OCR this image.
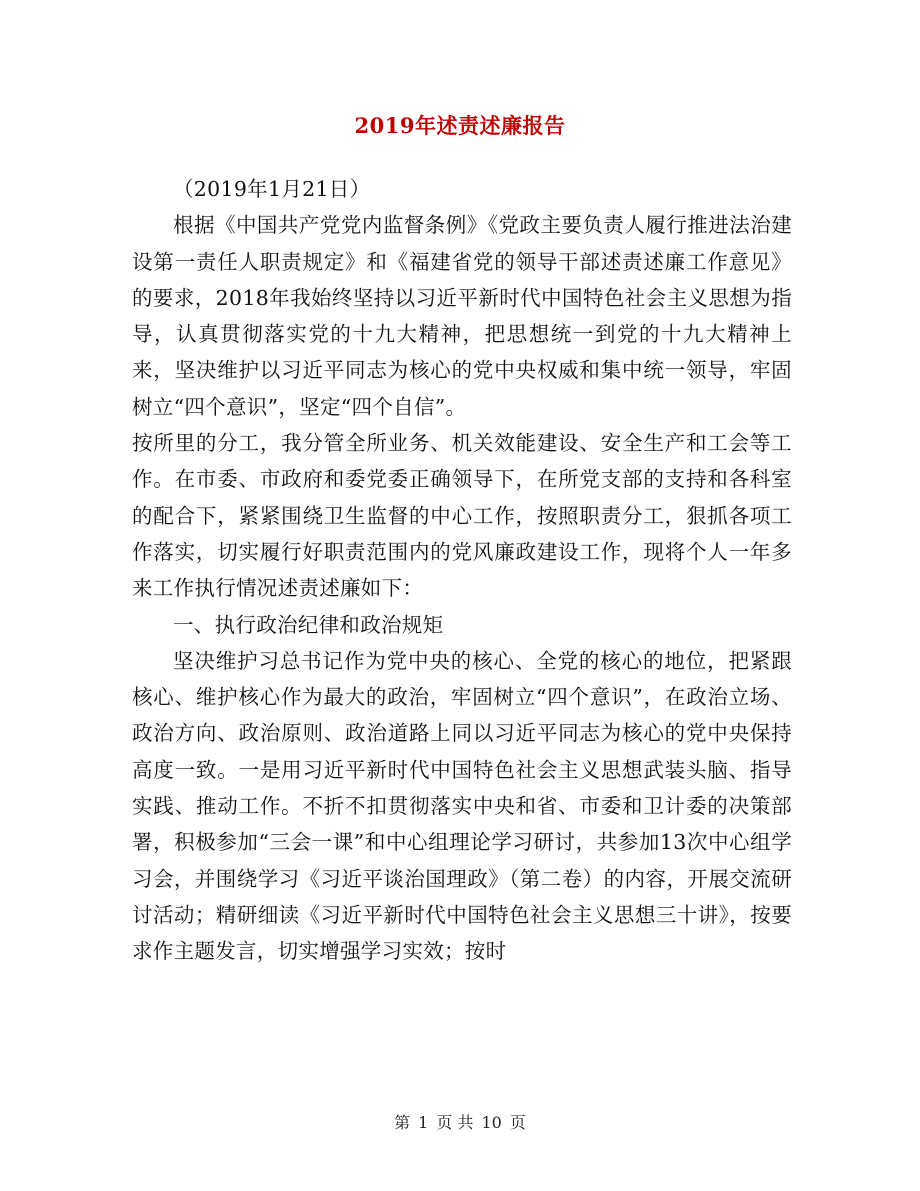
2019年述责述廉报告

（2019年1月21日）

根据《中国共产党党内监督条例》《党政主要负责人履行推进法治建设第一责任人职责规定》和《福建省党的领导干部述责述廉工作意见》的要求，2018年我始终坚持以习近平新时代中国特色社会主义思想为指导，认真贯彻落实党的十九大精神，把思想统一到党的十九大精神上来，坚决维护以习近平同志为核心的党中央权威和集中统一领导，牢固树立“四个意识”，坚定“四个自信”。

按所里的分工，我分管全所业务、机关效能建设、安全生产和工会等工作。在市委、市政府和委党委正确领导下，在所党支部的支持和各科室的配合下，紧紧围绕卫生监督的中心工作，按照职责分工，狠抓各项工作落实，切实履行好职责范围内的党风廉政建设工作，现将个人一年多来工作执行情况述责述廉如下：

一、执行政治纪律和政治规矩

坚决维护习总书记作为党中央的核心、全党的核心的地位，把紧跟核心、维护核心作为最大的政治，牢固树立“四个意识”，在政治立场、政治方向、政治原则、政治道路上同以习近平同志为核心的党中央保持高度一致。一是用习近平新时代中国特色社会主义思想武装头脑、指导实践、推动工作。不折不扣贯彻落实中央和省、市委和卫计委的决策部署，积极参加“三会一课”和中心组理论学习研讨，共参加13次中心组学习会，并围绕学习《习近平谈治国理政》（第二卷）的内容，开展交流研讨活动；精研细读《习近平新时代中国特色社会主义思想三十讲》，按要求作主题发言，切实增强学习实效；按时

第 1 页 共 10 页
